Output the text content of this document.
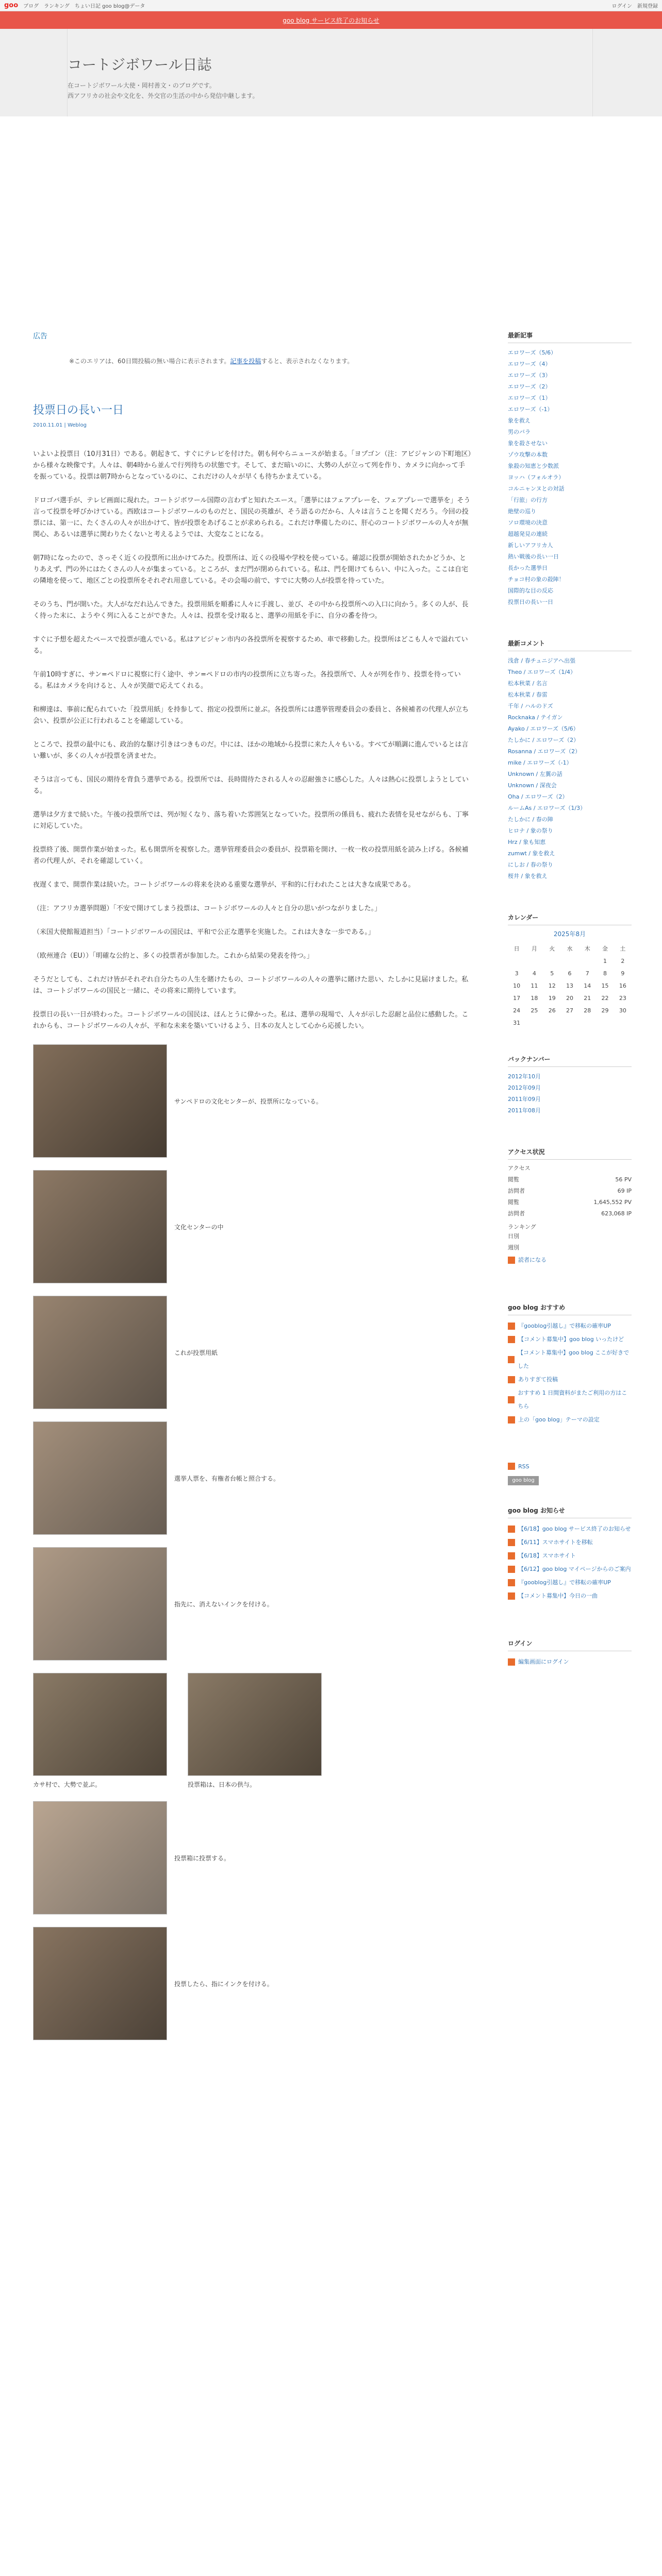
goo ブログ ランキング ちょい日記 goo blog@データ	ログイン 新規登録
goo blog サービス終了のお知らせ
コートジボワール日誌
在コートジボワール大使・岡村善文・のブログです。
西アフリカの社会や文化を、外交官の生活の中から発信中継します。
広告
※このエリアは、60日間投稿の無い場合に表示されます。記事を投稿すると、表示されなくなります。
投票日の長い一日
2010.11.01 | Weblog
いよいよ投票日（10月31日）である。朝起きて、すぐにテレビを付けた。朝も何やらニュースが始まる。「ヨプゴン（注：アビジャンの下町地区）から様々な映像です。人々は、朝4時から並んで行列待ちの状態です。そして、まだ暗いのに、大勢の人が立って列を作り、カメラに向かって手を振っている。投票は朝7時からとなっているのに、これだけの人々が早くも待ちかまえている。
ドロゴバ選手が、テレビ画面に現れた。コートジボワール国際の言わずと知れたエース。「選挙にはフェアプレーを、フェアプレーで選挙を」そう言って投票を呼びかけている。西欧はコートジボワールのものだと、国民の英雄が、そう語るのだから、人々は言うことを聞くだろう。今回の投票には、第一に、たくさんの人々が出かけて、皆が投票をあげることが求められる。これだけ準備したのに、肝心のコートジボワールの人々が無関心、あるいは選挙に関わりたくないと考えるようでは、大変なことになる。
朝7時になったので、さっそく近くの投票所に出かけてみた。投票所は、近くの役場や学校を使っている。確認に投票が開始されたかどうか、とりあえず、門の外にはたくさんの人々が集まっている。ところが、まだ門が閉められている。私は、門を開けてもらい、中に入った。ここは自宅の隣地を使って、地区ごとの投票所をそれぞれ用意している。その会場の前で、すでに大勢の人が投票を待っていた。
そのうち、門が開いた。大人がなだれ込んできた。投票用紙を順番に人々に手渡し、並び、その中から投票所への入口に向かう。多くの人が、長く待った末に、ようやく列に入ることができた。人々は、投票を受け取ると、選挙の用紙を手に、自分の番を待つ。
すぐに予想を超えたペースで投票が進んでいる。私はアビジャン市内の各投票所を視察するため、車で移動した。投票所はどこも人々で溢れている。
午前10時すぎに、サン=ペドロに視察に行く途中、サン=ペドロの市内の投票所に立ち寄った。各投票所で、人々が列を作り、投票を待っている。私はカメラを向けると、人々が笑顔で応えてくれる。
和柳達は、事前に配られていた「投票用紙」を持参して、指定の投票所に並ぶ。各投票所には選挙管理委員会の委員と、各候補者の代理人が立ち会い、投票が公正に行われることを確認している。
ところで、投票の最中にも、政治的な駆け引きはつきものだ。中には、ほかの地域から投票に来た人々もいる。すべてが順調に進んでいるとは言い難いが、多くの人々が投票を済ませた。
そうは言っても、国民の期待を背負う選挙である。投票所では、長時間待たされる人々の忍耐強さに感心した。人々は熱心に投票しようとしている。
選挙は夕方まで続いた。午後の投票所では、列が短くなり、落ち着いた雰囲気となっていた。投票所の係員も、疲れた表情を見せながらも、丁寧に対応していた。
投票終了後、開票作業が始まった。私も開票所を視察した。選挙管理委員会の委員が、投票箱を開け、一枚一枚の投票用紙を読み上げる。各候補者の代理人が、それを確認していく。
夜遅くまで、開票作業は続いた。コートジボワールの将来を決める重要な選挙が、平和的に行われたことは大きな成果である。
（注：アフリカ選挙問題）「不安で開けてしまう投票は、コートジボワールの人々と自分の思いがつながりました。」
（米国大使館報道担当）「コートジボワールの国民は、平和で公正な選挙を実施した。これは大きな一歩である。」
（欧州連合（EU））「明確な公約と、多くの投票者が参加した。これから結果の発表を待つ。」
そうだとしても、これだけ皆がそれぞれ自分たちの人生を賭けたもの、コートジボワールの人々の選挙に賭けた思い、たしかに見届けました。私は、コートジボワールの国民と一緒に、その将来に期待しています。
投票日の長い一日が終わった。コートジボワールの国民は、ほんとうに偉かった。私は、選挙の現場で、人々が示した忍耐と品位に感動した。これからも、コートジボワールの人々が、平和な未来を築いていけるよう、日本の友人として心から応援したい。
サンペドロの文化センターが、投票所になっている。
文化センターの中
これが投票用紙
選挙人票を、有権者台帳と照合する。
指先に、消えないインクを付ける。
カサ村で、大勢で並ぶ。	投票箱は、日本の供与。
投票箱に投票する。
投票したら、指にインクを付ける。
最新記事
エロワーズ（5/6）
エロワーズ（4）
エロワーズ（3）
エロワーズ（2）
エロワーズ（1）
エロワーズ（-1）
象を救え
男のバラ
象を殺させない
ゾウ攻撃の本数
象殺の知恵と少数派
ヨッハ（フォルオラ）
コルニャンヌとの対話
「行旅」の行方
絶壁の巡り
ソロ環境の決意
超越発見の連続
新しいアフリカ人
熱い戦後の長い一日
長かった選挙日
チョコ村の象の殺陣！
国際的な目の反応
投票日の長い一日
最新コメント
浅倉 / 春チュニジアへ出張
Theo / エロワーズ（1/4）
松本秋菜 / 名言
松本秋菜 / 春雷
千年 / ハルのドズ
Rocknaka / テイガン
Ayako / エロワーズ（5/6）
たしかに / エロワーズ（2）
Rosanna / エロワーズ（2）
mike / エロワーズ（-1）
Unknown / 左翼の話
Unknown / 深夜会
Oha / エロワーズ（2）
ルームAs / エロワーズ（1/3）
たしかに / 春の陣
ヒロナ / 象の祭り
Hrz / 象も知恵
zumwt / 象を救え
にしお / 春の祭り
桜井 / 象を救え
カレンダー
2025年8月
日	月	火	水	木	金	土
					1	2
3	4	5	6	7	8	9
10	11	12	13	14	15	16
17	18	19	20	21	22	23
24	25	26	27	28	29	30
31						
バックナンバー
2012年10月
2012年09月
2011年09月
2011年08月
アクセス状況
アクセス
閲覧	56 PV
訪問者	69 IP
閲覧	1,645,552 PV
訪問者	623,068 IP
ランキング
日別
週別
読者になる
goo blog おすすめ
『gooblog引越し』で移転の確率UP
【コメント募集中】goo blog いったけど
【コメント募集中】goo blog ここが好きでした
ありすぎて投稿
おすすめ 1 日間資料がまたご利用の方はこちら
上の「goo blog」テーマの設定
RSS
goo blog
goo blog お知らせ
【6/18】goo blog サービス終了のお知らせ
【6/11】スマホサイトを移転
【6/18】スマホサイト
【6/12】goo blog マイページからのご案内
『gooblog引越し』で移転の確率UP
【コメント募集中】今日の一曲
ログイン
編集画面にログイン
